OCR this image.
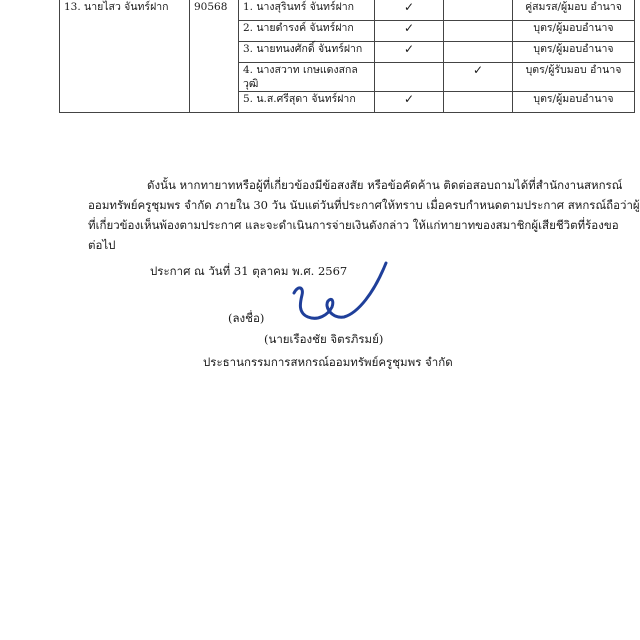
13. นายไสว จันทร์ฝาก	90568	1. นางสุรินทร์ จันทร์ฝาก	✓		คู่สมรส/ผู้มอบ อำนาจ
		2. นายดำรงค์ จันทร์ฝาก	✓		บุตร/ผู้มอบอำนาจ
		3. นายทนงศักดิ์ จันทร์ฝาก	✓		บุตร/ผู้มอบอำนาจ
		4. นางสวาท เกษแดงสกลวุฒิ		✓	บุตร/ผู้รับมอบ อำนาจ
		5. น.ส.ศรีสุดา จันทร์ฝาก	✓		บุตร/ผู้มอบอำนาจ
ดังนั้น หากทายาทหรือผู้ที่เกี่ยวข้องมีข้อสงสัย หรือข้อคัดค้าน ติดต่อสอบถามได้ที่สำนักงานสหกรณ์
ออมทรัพย์ครูชุมพร จำกัด ภายใน 30 วัน นับแต่วันที่ประกาศให้ทราบ เมื่อครบกำหนดตามประกาศ สหกรณ์ถือว่าผู้
ที่เกี่ยวข้องเห็นพ้องตามประกาศ และจะดำเนินการจ่ายเงินดังกล่าว ให้แก่ทายาทของสมาชิกผู้เสียชีวิตที่ร้องขอ
ต่อไป
ประกาศ ณ วันที่ 31 ตุลาคม พ.ศ. 2567
(ลงชื่อ)
(นายเรืองชัย จิตรภิรมย์)
ประธานกรรมการสหกรณ์ออมทรัพย์ครูชุมพร จำกัด
